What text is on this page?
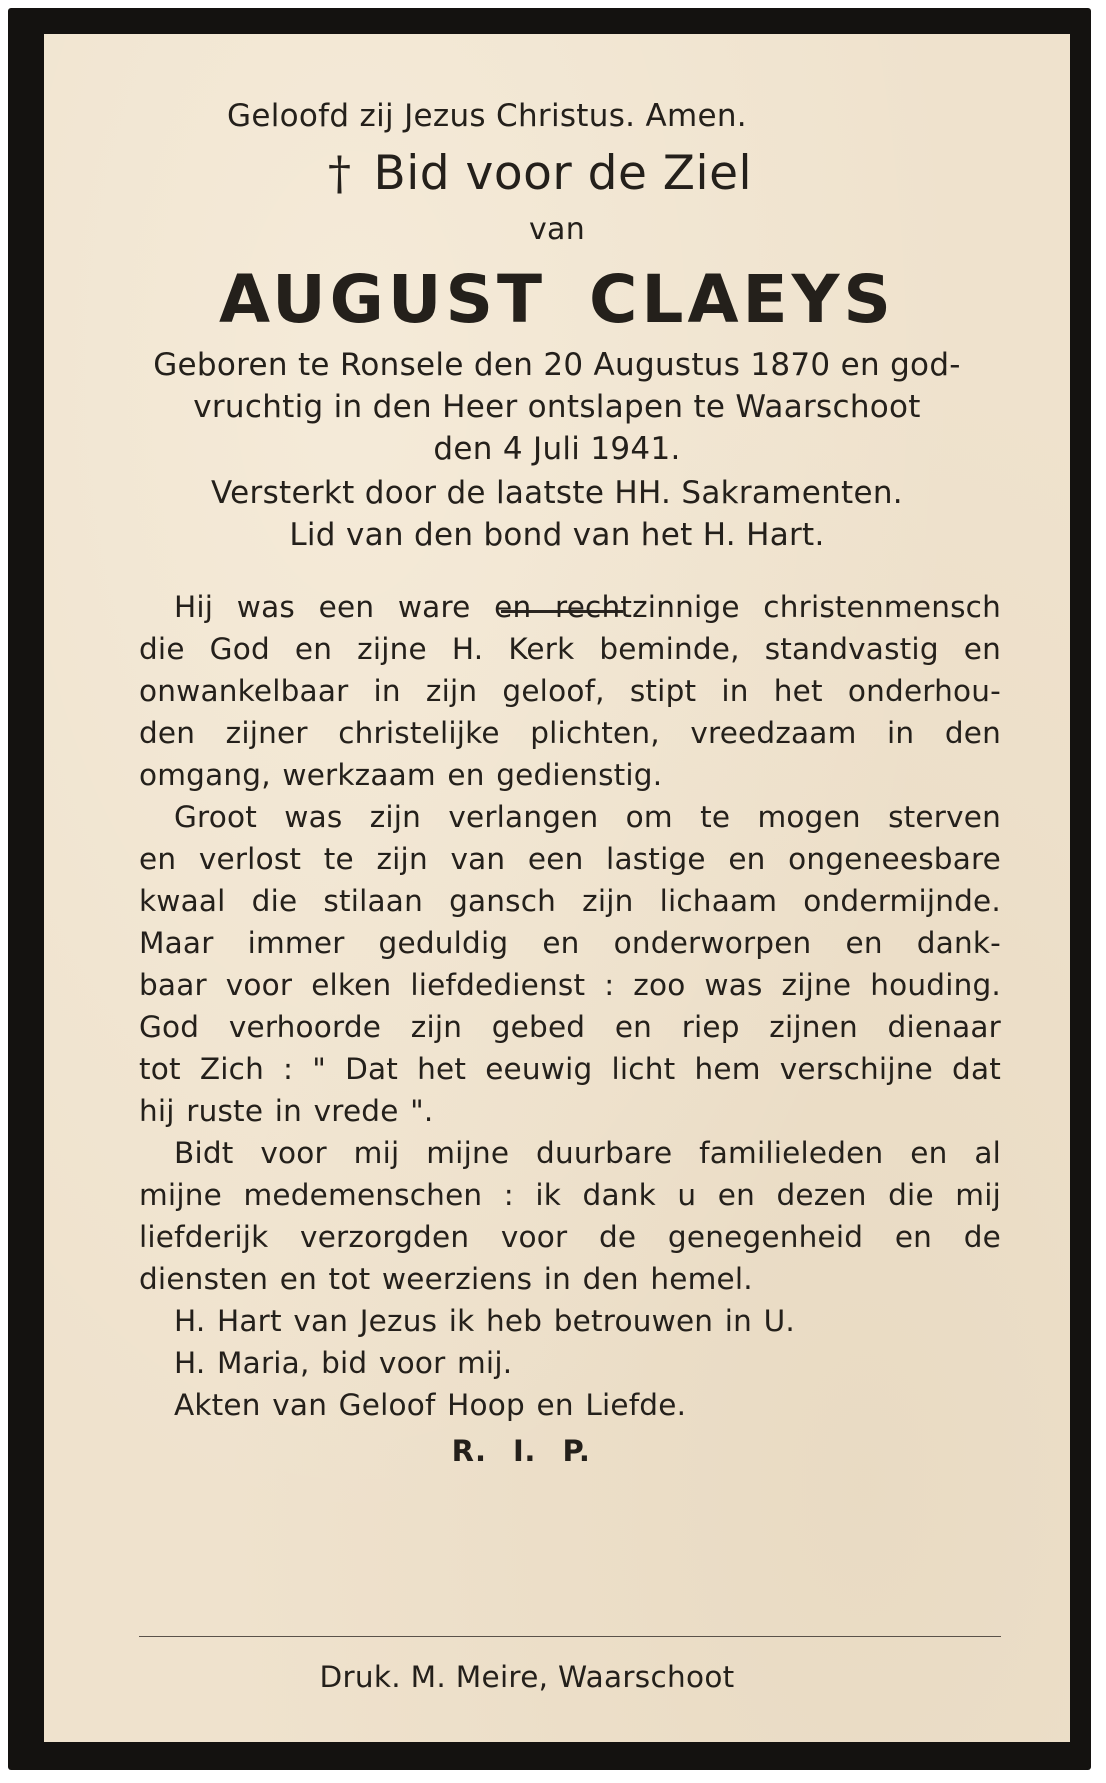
Geloofd zij Jezus Christus. Amen.
† Bid voor de Ziel
van
AUGUST CLAEYS
Geboren te Ronsele den 20 Augustus 1870 en god-
vruchtig in den Heer ontslapen te Waarschoot
den 4 Juli 1941.
Versterkt door de laatste HH. Sakramenten.
Lid van den bond van het H. Hart.
Hij was een ware en rechtzinnige christenmensch
die God en zijne H. Kerk beminde, standvastig en
onwankelbaar in zijn geloof, stipt in het onderhou-
den zijner christelijke plichten, vreedzaam in den
omgang, werkzaam en gedienstig.
Groot was zijn verlangen om te mogen sterven
en verlost te zijn van een lastige en ongeneesbare
kwaal die stilaan gansch zijn lichaam ondermijnde.
Maar immer geduldig en onderworpen en dank-
baar voor elken liefdedienst : zoo was zijne houding.
God verhoorde zijn gebed en riep zijnen dienaar
tot Zich : " Dat het eeuwig licht hem verschijne dat
hij ruste in vrede ".
Bidt voor mij mijne duurbare familieleden en al
mijne medemenschen : ik dank u en dezen die mij
liefderijk verzorgden voor de genegenheid en de
diensten en tot weerziens in den hemel.
H. Hart van Jezus ik heb betrouwen in U.
H. Maria, bid voor mij.
Akten van Geloof Hoop en Liefde.
R. I. P.
Druk. M. Meire, Waarschoot
